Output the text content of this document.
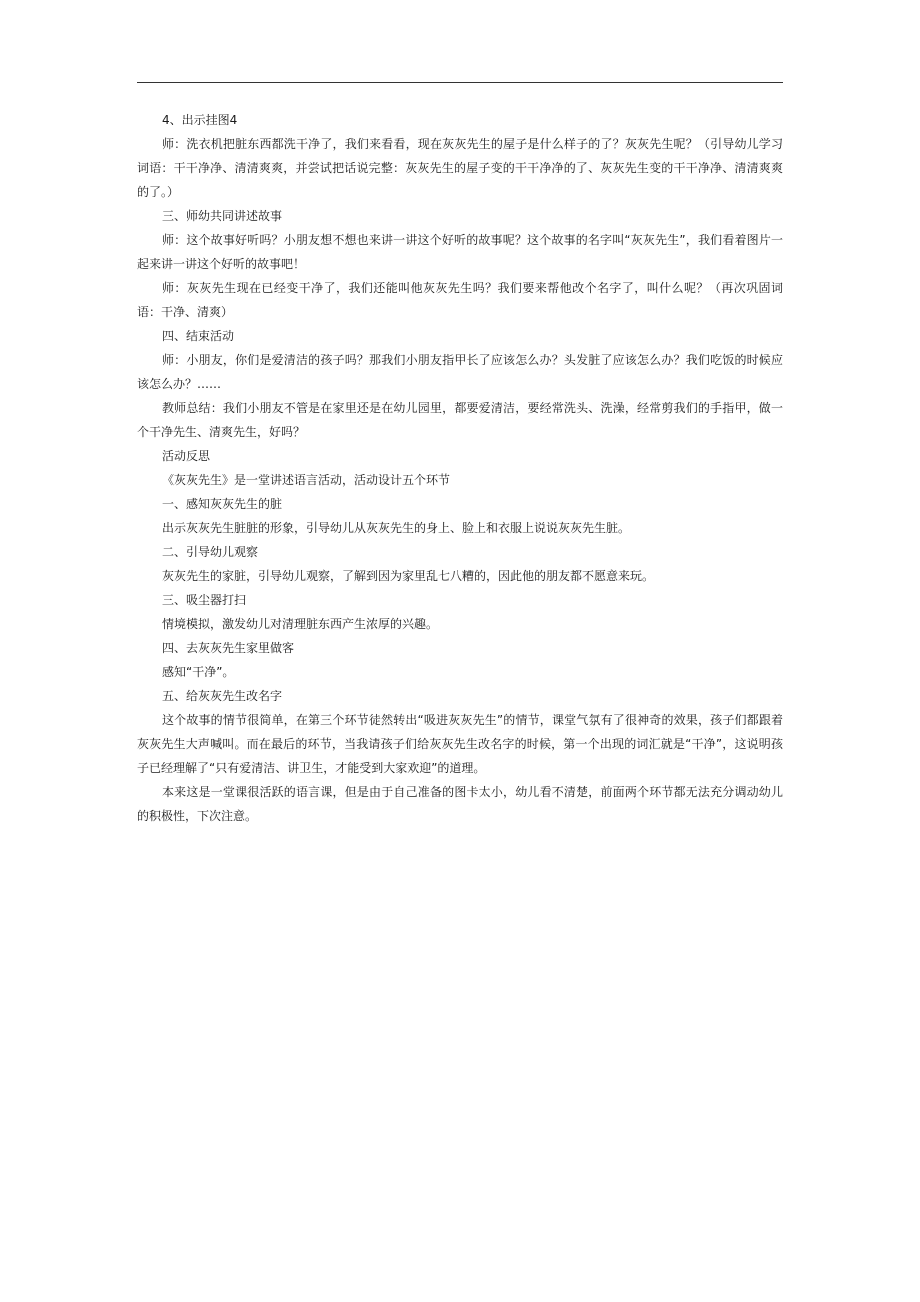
4、出示挂图4

师：洗衣机把脏东西都洗干净了，我们来看看，现在灰灰先生的屋子是什么样子的了？灰灰先生呢？（引导幼儿学习词语：干干净净、清清爽爽，并尝试把话说完整：灰灰先生的屋子变的干干净净的了、灰灰先生变的干干净净、清清爽爽的了。）

三、师幼共同讲述故事

师：这个故事好听吗？小朋友想不想也来讲一讲这个好听的故事呢？这个故事的名字叫“灰灰先生”，我们看着图片一起来讲一讲这个好听的故事吧！

师：灰灰先生现在已经变干净了，我们还能叫他灰灰先生吗？我们要来帮他改个名字了，叫什么呢？（再次巩固词语：干净、清爽）

四、结束活动

师：小朋友，你们是爱清洁的孩子吗？那我们小朋友指甲长了应该怎么办？头发脏了应该怎么办？我们吃饭的时候应该怎么办？……

教师总结：我们小朋友不管是在家里还是在幼儿园里，都要爱清洁，要经常洗头、洗澡，经常剪我们的手指甲，做一个干净先生、清爽先生，好吗？

活动反思

《灰灰先生》是一堂讲述语言活动，活动设计五个环节

一、感知灰灰先生的脏

出示灰灰先生脏脏的形象，引导幼儿从灰灰先生的身上、脸上和衣服上说说灰灰先生脏。

二、引导幼儿观察

灰灰先生的家脏，引导幼儿观察，了解到因为家里乱七八糟的，因此他的朋友都不愿意来玩。

三、吸尘器打扫

情境模拟，激发幼儿对清理脏东西产生浓厚的兴趣。

四、去灰灰先生家里做客

感知“干净”。

五、给灰灰先生改名字

这个故事的情节很简单，在第三个环节徒然转出“吸进灰灰先生”的情节，课堂气氛有了很神奇的效果，孩子们都跟着灰灰先生大声喊叫。而在最后的环节，当我请孩子们给灰灰先生改名字的时候，第一个出现的词汇就是“干净”，这说明孩子已经理解了“只有爱清洁、讲卫生，才能受到大家欢迎”的道理。

本来这是一堂课很活跃的语言课，但是由于自己准备的图卡太小，幼儿看不清楚，前面两个环节都无法充分调动幼儿的积极性，下次注意。
